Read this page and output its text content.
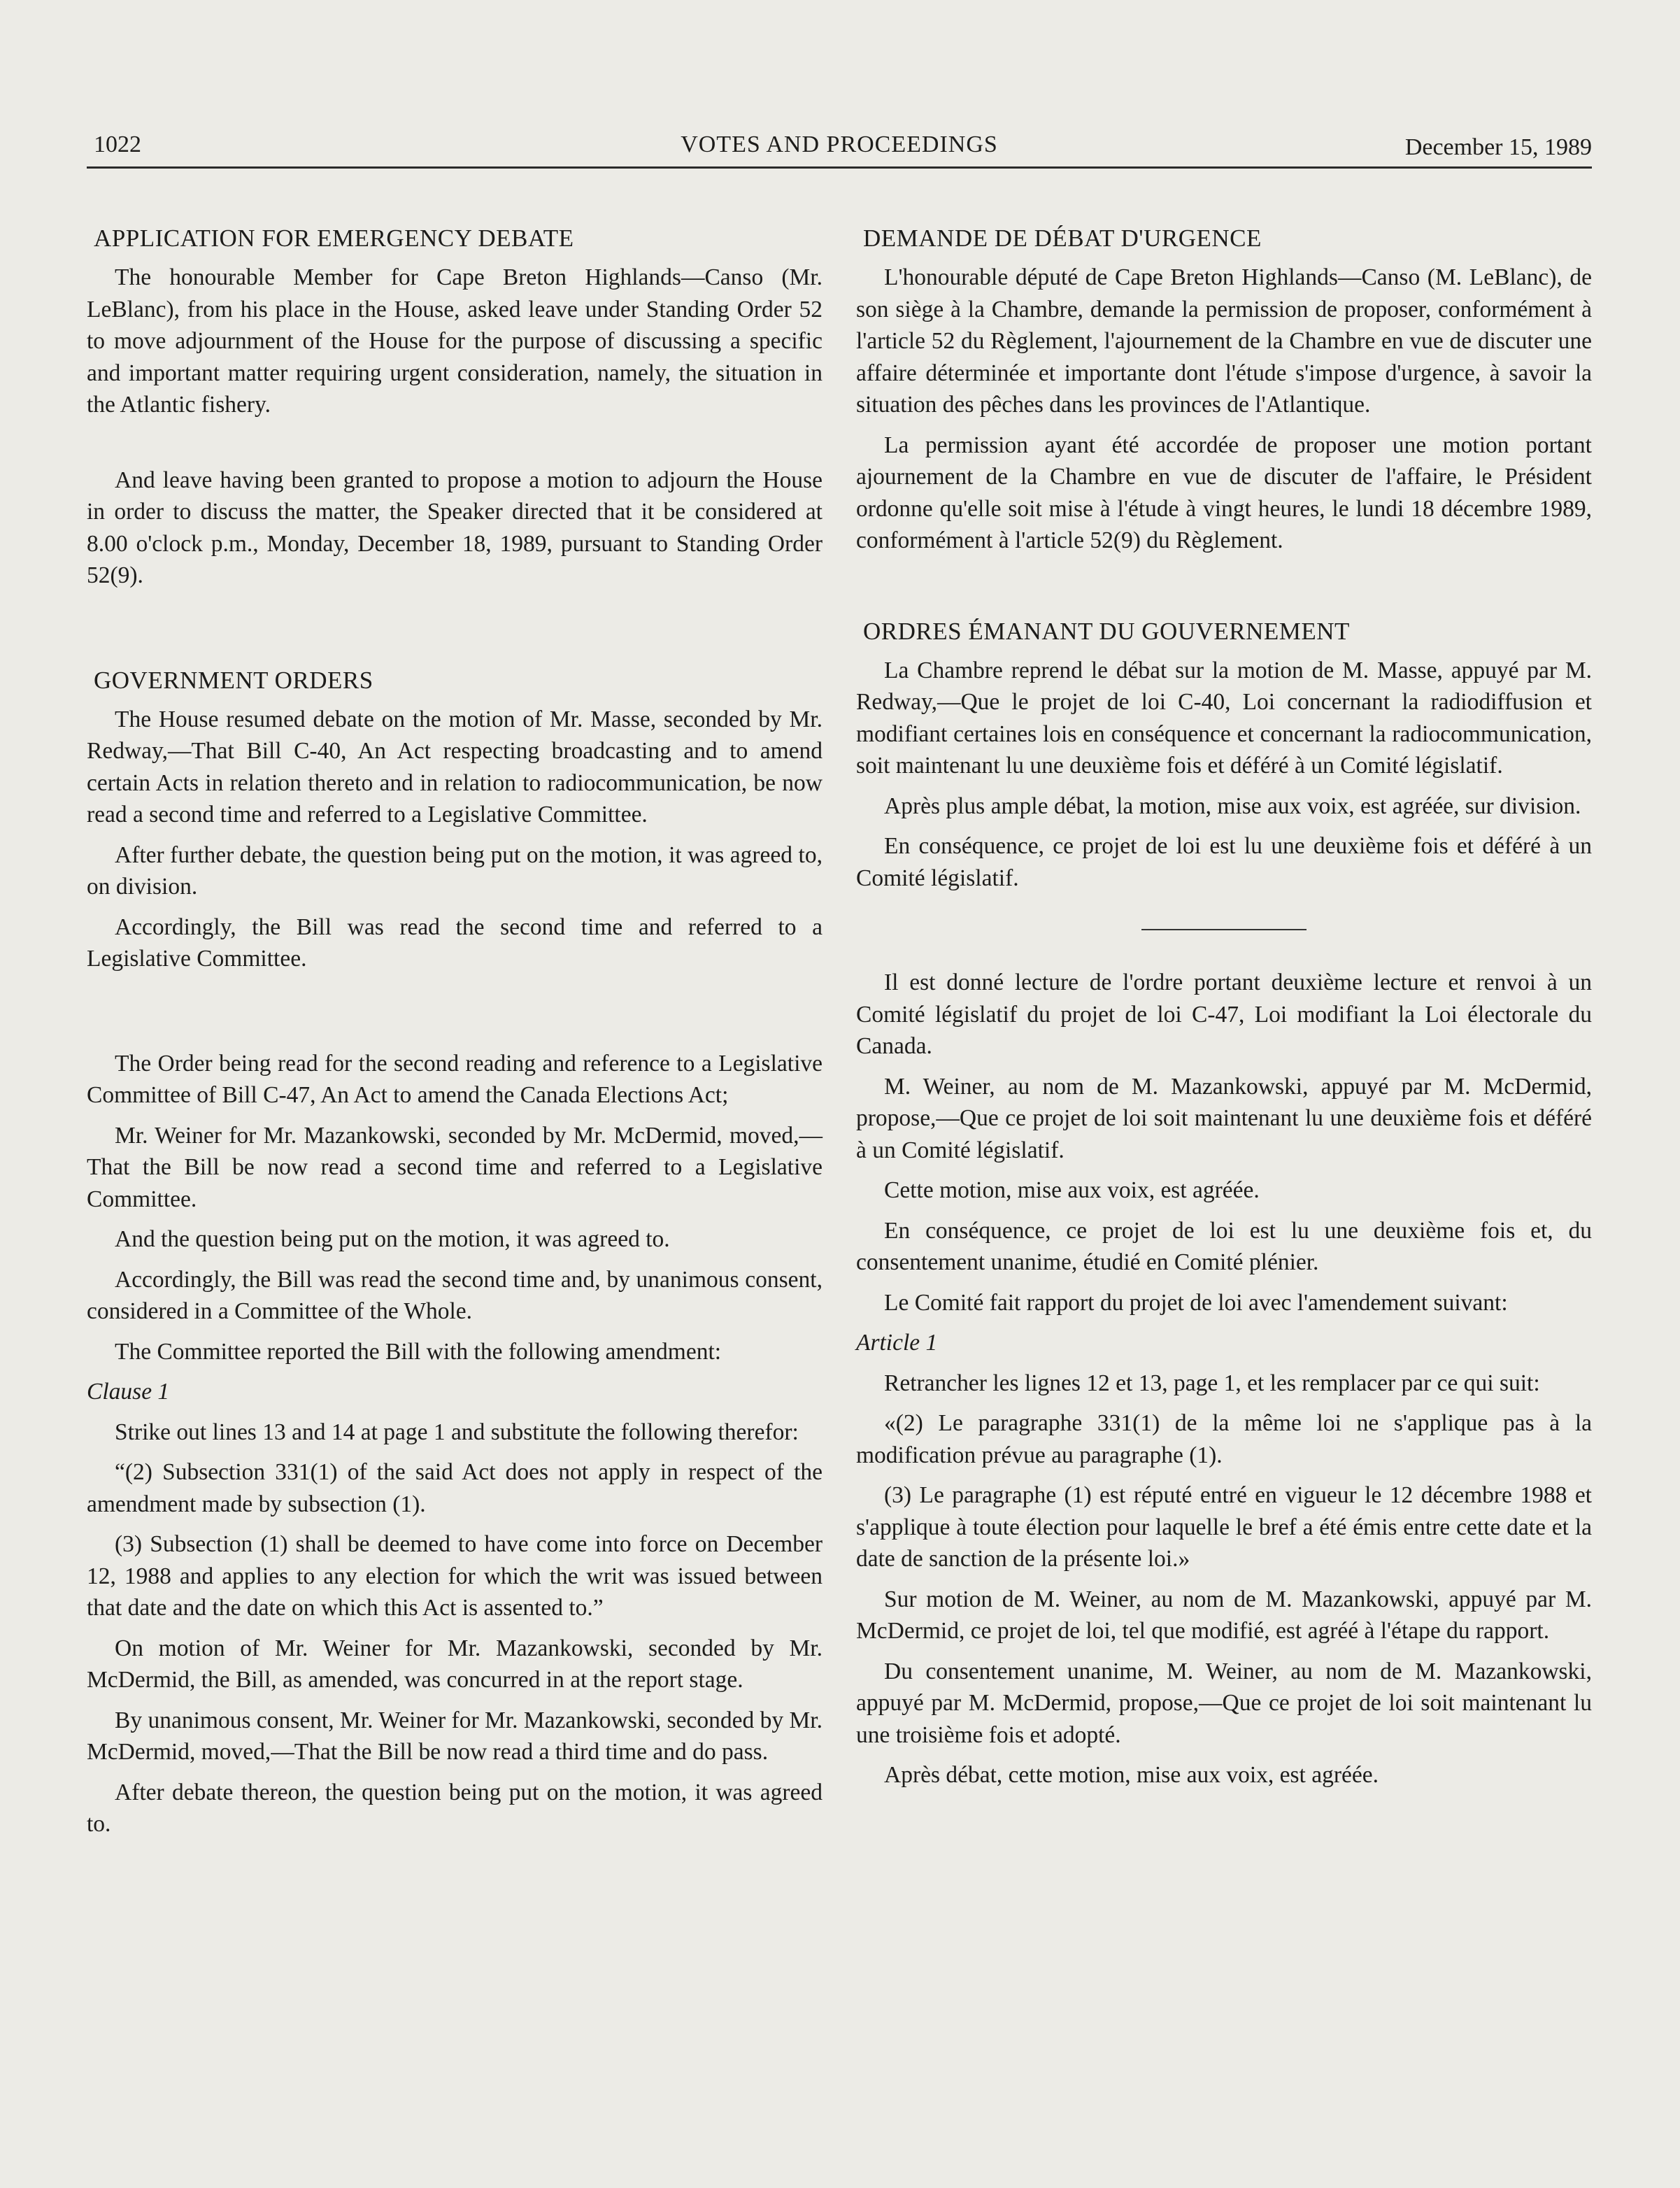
1022	VOTES AND PROCEEDINGS	December 15, 1989
APPLICATION FOR EMERGENCY DEBATE

The honourable Member for Cape Breton Highlands—Canso (Mr. LeBlanc), from his place in the House, asked leave under Standing Order 52 to move adjournment of the House for the purpose of discussing a specific and important matter requiring urgent consideration, namely, the situation in the Atlantic fishery.

And leave having been granted to propose a motion to adjourn the House in order to discuss the matter, the Speaker directed that it be considered at 8.00 o'clock p.m., Monday, December 18, 1989, pursuant to Standing Order 52(9).

GOVERNMENT ORDERS

The House resumed debate on the motion of Mr. Masse, seconded by Mr. Redway,—That Bill C-40, An Act respecting broadcasting and to amend certain Acts in relation thereto and in relation to radiocommunication, be now read a second time and referred to a Legislative Committee.

After further debate, the question being put on the motion, it was agreed to, on division.

Accordingly, the Bill was read the second time and referred to a Legislative Committee.

The Order being read for the second reading and reference to a Legislative Committee of Bill C-47, An Act to amend the Canada Elections Act;

Mr. Weiner for Mr. Mazankowski, seconded by Mr. McDermid, moved,—That the Bill be now read a second time and referred to a Legislative Committee.

And the question being put on the motion, it was agreed to.

Accordingly, the Bill was read the second time and, by unanimous consent, considered in a Committee of the Whole.

The Committee reported the Bill with the following amendment:

Clause 1

Strike out lines 13 and 14 at page 1 and substitute the following therefor:

“(2) Subsection 331(1) of the said Act does not apply in respect of the amendment made by subsection (1).

(3) Subsection (1) shall be deemed to have come into force on December 12, 1988 and applies to any election for which the writ was issued between that date and the date on which this Act is assented to.”

On motion of Mr. Weiner for Mr. Mazankowski, seconded by Mr. McDermid, the Bill, as amended, was concurred in at the report stage.

By unanimous consent, Mr. Weiner for Mr. Mazankowski, seconded by Mr. McDermid, moved,—That the Bill be now read a third time and do pass.

After debate thereon, the question being put on the motion, it was agreed to.

DEMANDE DE DÉBAT D'URGENCE

L'honourable député de Cape Breton Highlands—Canso (M. LeBlanc), de son siège à la Chambre, demande la permission de proposer, conformément à l'article 52 du Règlement, l'ajournement de la Chambre en vue de discuter une affaire déterminée et importante dont l'étude s'impose d'urgence, à savoir la situation des pêches dans les provinces de l'Atlantique.

La permission ayant été accordée de proposer une motion portant ajournement de la Chambre en vue de discuter de l'affaire, le Président ordonne qu'elle soit mise à l'étude à vingt heures, le lundi 18 décembre 1989, conformément à l'article 52(9) du Règlement.

ORDRES ÉMANANT DU GOUVERNEMENT

La Chambre reprend le débat sur la motion de M. Masse, appuyé par M. Redway,—Que le projet de loi C-40, Loi concernant la radiodiffusion et modifiant certaines lois en conséquence et concernant la radiocommunication, soit maintenant lu une deuxième fois et déféré à un Comité législatif.

Après plus ample débat, la motion, mise aux voix, est agréée, sur division.

En conséquence, ce projet de loi est lu une deuxième fois et déféré à un Comité législatif.

Il est donné lecture de l'ordre portant deuxième lecture et renvoi à un Comité législatif du projet de loi C-47, Loi modifiant la Loi électorale du Canada.

M. Weiner, au nom de M. Mazankowski, appuyé par M. McDermid, propose,—Que ce projet de loi soit maintenant lu une deuxième fois et déféré à un Comité législatif.

Cette motion, mise aux voix, est agréée.

En conséquence, ce projet de loi est lu une deuxième fois et, du consentement unanime, étudié en Comité plénier.

Le Comité fait rapport du projet de loi avec l'amendement suivant:

Article 1

Retrancher les lignes 12 et 13, page 1, et les remplacer par ce qui suit:

«(2) Le paragraphe 331(1) de la même loi ne s'applique pas à la modification prévue au paragraphe (1).

(3) Le paragraphe (1) est réputé entré en vigueur le 12 décembre 1988 et s'applique à toute élection pour laquelle le bref a été émis entre cette date et la date de sanction de la présente loi.»

Sur motion de M. Weiner, au nom de M. Mazankowski, appuyé par M. McDermid, ce projet de loi, tel que modifié, est agréé à l'étape du rapport.

Du consentement unanime, M. Weiner, au nom de M. Mazankowski, appuyé par M. McDermid, propose,—Que ce projet de loi soit maintenant lu une troisième fois et adopté.

Après débat, cette motion, mise aux voix, est agréée.
